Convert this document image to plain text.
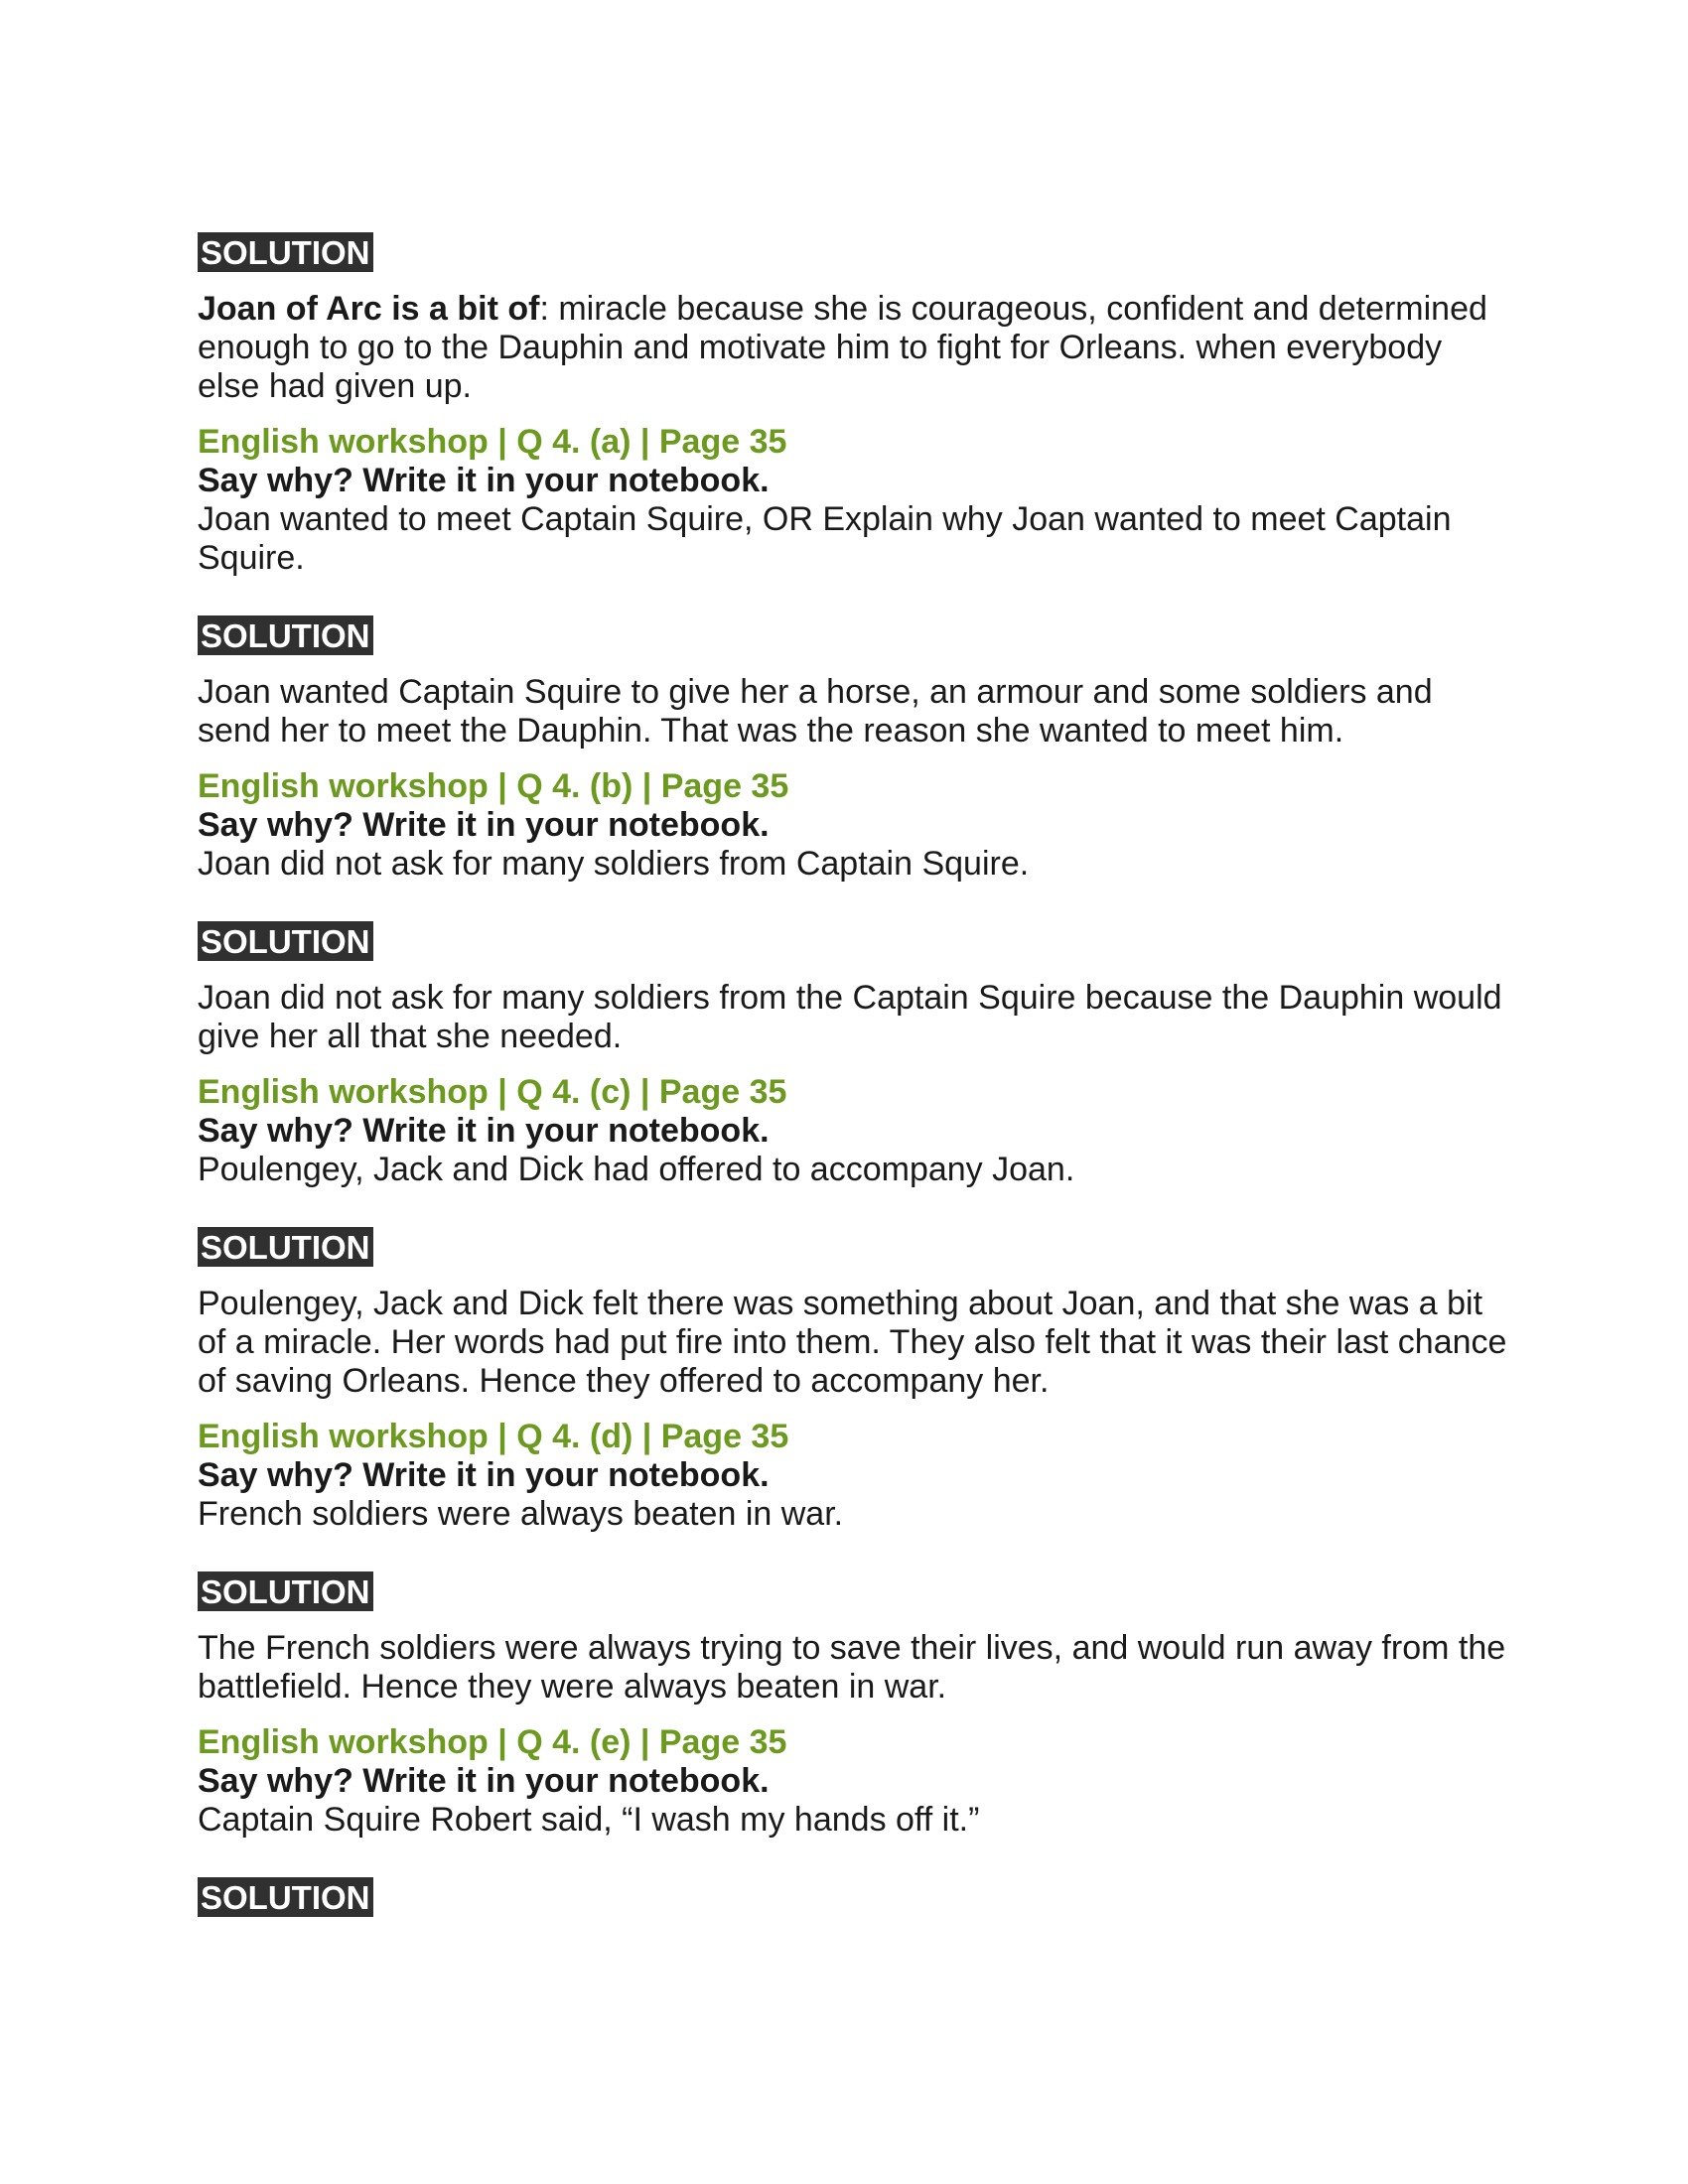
SOLUTION

Joan of Arc is a bit of: miracle because she is courageous, confident and determined enough to go to the Dauphin and motivate him to fight for Orleans. when everybody else had given up.

English workshop | Q 4. (a) | Page 35

Say why? Write it in your notebook.

Joan wanted to meet Captain Squire, OR Explain why Joan wanted to meet Captain Squire.

SOLUTION

Joan wanted Captain Squire to give her a horse, an armour and some soldiers and send her to meet the Dauphin. That was the reason she wanted to meet him.

English workshop | Q 4. (b) | Page 35

Say why? Write it in your notebook.

Joan did not ask for many soldiers from Captain Squire.

SOLUTION

Joan did not ask for many soldiers from the Captain Squire because the Dauphin would give her all that she needed.

English workshop | Q 4. (c) | Page 35

Say why? Write it in your notebook.

Poulengey, Jack and Dick had offered to accompany Joan.

SOLUTION

Poulengey, Jack and Dick felt there was something about Joan, and that she was a bit of a miracle. Her words had put fire into them. They also felt that it was their last chance of saving Orleans. Hence they offered to accompany her.

English workshop | Q 4. (d) | Page 35

Say why? Write it in your notebook.

French soldiers were always beaten in war.

SOLUTION

The French soldiers were always trying to save their lives, and would run away from the battlefield. Hence they were always beaten in war.

English workshop | Q 4. (e) | Page 35

Say why? Write it in your notebook.

Captain Squire Robert said, “I wash my hands off it.”

SOLUTION
